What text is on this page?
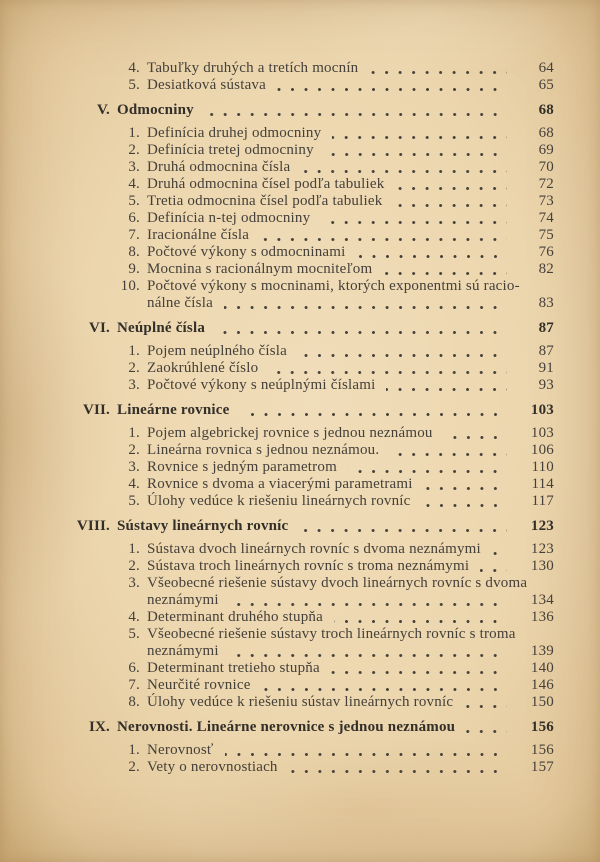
4. Tabuľky druhých a tretích mocnín	64
5. Desiatková sústava	65
V. Odmocniny	68
1. Definícia druhej odmocniny	68
2. Definícia tretej odmocniny	69
3. Druhá odmocnina čísla	70
4. Druhá odmocnina čísel podľa tabuliek	72
5. Tretia odmocnina čísel podľa tabuliek	73
6. Definícia n-tej odmocniny	74
7. Iracionálne čísla	75
8. Počtové výkony s odmocninami	76
9. Mocnina s racionálnym mocniteľom	82
10. Počtové výkony s mocninami, ktorých exponentmi sú racio-
nálne čísla	83
VI. Neúplné čísla	87
1. Pojem neúplného čísla	87
2. Zaokrúhlené číslo	91
3. Počtové výkony s neúplnými číslami	93
VII. Lineárne rovnice	103
1. Pojem algebrickej rovnice s jednou neznámou	103
2. Lineárna rovnica s jednou neznámou.	106
3. Rovnice s jedným parametrom	110
4. Rovnice s dvoma a viacerými parametrami	114
5. Úlohy vedúce k riešeniu lineárnych rovníc	117
VIII. Sústavy lineárnych rovníc	123
1. Sústava dvoch lineárnych rovníc s dvoma neznámymi	123
2. Sústava troch lineárnych rovníc s troma neznámymi	130
3. Všeobecné riešenie sústavy dvoch lineárnych rovníc s dvoma
neznámymi	134
4. Determinant druhého stupňa	136
5. Všeobecné riešenie sústavy troch lineárnych rovníc s troma
neznámymi	139
6. Determinant tretieho stupňa	140
7. Neurčité rovnice	146
8. Úlohy vedúce k riešeniu sústav lineárnych rovníc	150
IX. Nerovnosti. Lineárne nerovnice s jednou neznámou	156
1. Nerovnosť	156
2. Vety o nerovnostiach	157
